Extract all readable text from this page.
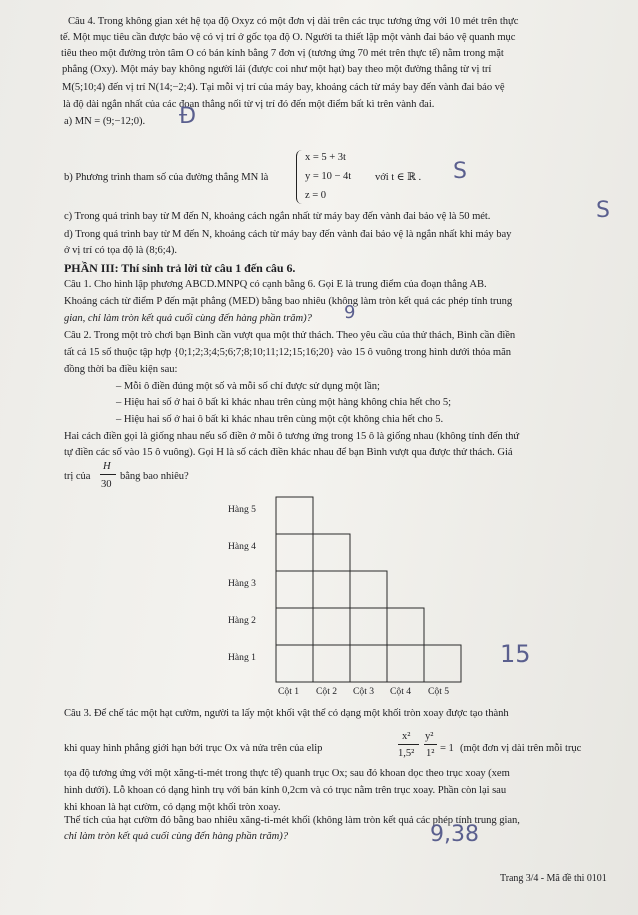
Câu 4. Trong không gian xét hệ tọa độ Oxyz có một đơn vị dài trên các trục tương ứng với 10 mét trên thực
tế. Một mục tiêu cần được bảo vệ có vị trí ở gốc tọa độ O. Người ta thiết lập một vành đai bảo vệ quanh mục
tiêu theo một đường tròn tâm O có bán kính bằng 7 đơn vị (tương ứng 70 mét trên thực tế) nằm trong mặt
phẳng (Oxy). Một máy bay không người lái (được coi như một hạt) bay theo một đường thẳng từ vị trí
M(5;10;4) đến vị trí N(14;−2;4). Tại mỗi vị trí của máy bay, khoảng cách từ máy bay đến vành đai bảo vệ
là độ dài ngắn nhất của các đoạn thẳng nối từ vị trí đó đến một điểm bất kì trên vành đai.
a) MN = (9;−12;0). Đ
b) Phương trình tham số của đường thẳng MN là
x = 5 + 3t
y = 10 − 4t
z = 0
với t ∈ ℝ . S
c) Trong quá trình bay từ M đến N, khoảng cách ngắn nhất từ máy bay đến vành đai bảo vệ là 50 mét.	S
d) Trong quá trình bay từ M đến N, khoảng cách từ máy bay đến vành đai bảo vệ là ngắn nhất khi máy bay
ở vị trí có tọa độ là (8;6;4).
PHẦN III: Thí sinh trả lời từ câu 1 đến câu 6.
Câu 1. Cho hình lập phương ABCD.MNPQ có cạnh bằng 6. Gọi E là trung điểm của đoạn thẳng AB.
Khoảng cách từ điểm P đến mặt phẳng (MED) bằng bao nhiêu (không làm tròn kết quả các phép tính trung
gian, chỉ làm tròn kết quả cuối cùng đến hàng phần trăm)? 9
Câu 2. Trong một trò chơi bạn Bình cần vượt qua một thử thách. Theo yêu cầu của thử thách, Bình cần điền
tất cả 15 số thuộc tập hợp {0;1;2;3;4;5;6;7;8;10;11;12;15;16;20} vào 15 ô vuông trong hình dưới thỏa mãn
đồng thời ba điều kiện sau:
– Mỗi ô điền đúng một số và mỗi số chỉ được sử dụng một lần;
– Hiệu hai số ở hai ô bất kì khác nhau trên cùng một hàng không chia hết cho 5;
– Hiệu hai số ở hai ô bất kì khác nhau trên cùng một cột không chia hết cho 5.
Hai cách điền gọi là giống nhau nếu số điền ở mỗi ô tương ứng trong 15 ô là giống nhau (không tính đến thứ
tự điền các số vào 15 ô vuông). Gọi H là số cách điền khác nhau để bạn Bình vượt qua được thử thách. Giá
trị của
H
30
bằng bao nhiêu?
Hàng 5
Hàng 4
Hàng 3
Hàng 2
Hàng 1
Cột 1 Cột 2 Cột 3 Cột 4 Cột 5
15
Câu 3. Để chế tác một hạt cườm, người ta lấy một khối vật thể có dạng một khối tròn xoay được tạo thành
khi quay hình phẳng giới hạn bởi trục Ox và nửa trên của elip
x²
1,5²
y²
1² = 1 (một đơn vị dài trên mỗi trục
tọa độ tương ứng với một xăng-ti-mét trong thực tế) quanh trục Ox; sau đó khoan dọc theo trục xoay (xem
hình dưới). Lỗ khoan có dạng hình trụ với bán kính 0,2cm và có trục nằm trên trục xoay. Phần còn lại sau
khi khoan là hạt cườm, có dạng một khối tròn xoay.
Thể tích của hạt cườm đó bằng bao nhiêu xăng-ti-mét khối (không làm tròn kết quả các phép tính trung gian,
chỉ làm tròn kết quả cuối cùng đến hàng phần trăm)?	9,38
Trang 3/4 - Mã đề thi 0101
